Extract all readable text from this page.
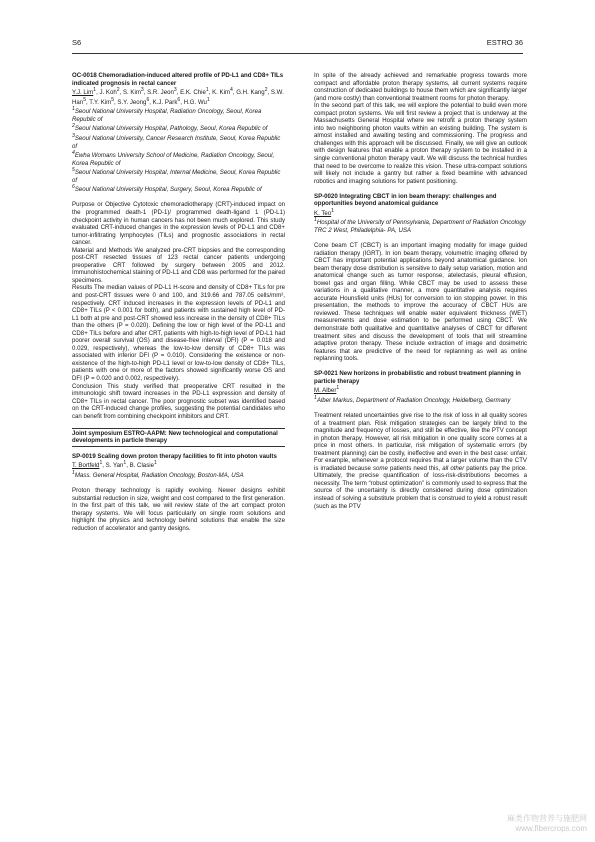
S6	ESTRO 36

OC-0018 Chemoradiation-induced altered profile of PD-L1 and CD8+ TILs indicated prognosis in rectal cancer

Y.J. Lim$^1$, J. Koh$^2$, S. Kim$^3$, S.R. Jeon$^3$, E.K. Chie$^1$, K. Kim$^4$, G.H. Kang$^2$, S.W. Han$^5$, T.Y. Kim$^5$, S.Y. Jeong$^6$, K.J. Park$^6$, H.G. Wu$^1$

$^1$Seoul National University Hospital, Radiation Oncology, Seoul, Korea Republic of

$^2$Seoul National University Hospital, Pathology, Seoul, Korea Republic of

$^3$Seoul National University, Cancer Research Institute, Seoul, Korea Republic of

$^4$Ewha Womans University School of Medicine, Radiation Oncology, Seoul, Korea Republic of

$^5$Seoul National University Hospital, Internal Medicine, Seoul, Korea Republic of

$^6$Seoul National University Hospital, Surgery, Seoul, Korea Republic of

Purpose or Objective Cytotoxic chemoradiotherapy (CRT)-induced impact on the programmed death-1 (PD-1)/ programmed death-ligand 1 (PD-L1) checkpoint activity in human cancers has not been much explored. This study evaluated CRT-induced changes in the expression levels of PD-L1 and CD8+ tumor-infiltrating lymphocytes (TILs) and prognostic associations in rectal cancer.

Material and Methods We analyzed pre-CRT biopsies and the corresponding post-CRT resected tissues of 123 rectal cancer patients undergoing preoperative CRT followed by surgery between 2005 and 2012. Immunohistochemical staining of PD-L1 and CD8 was performed for the paired specimens.

Results The median values of PD-L1 H-score and density of CD8+ TILs for pre and post-CRT tissues were 0 and 100, and 319.66 and 787.05 cells/mm², respectively. CRT induced increases in the expression levels of PD-L1 and CD8+ TILs (P < 0.001 for both), and patients with sustained high level of PD-L1 both at pre and post-CRT showed less increase in the density of CD8+ TILs than the others (P = 0.020). Defining the low or high level of the PD-L1 and CD8+ TILs before and after CRT, patients with high-to-high level of PD-L1 had poorer overall survival (OS) and disease-free interval (DFI) (P = 0.018 and 0.029, respectively), whereas the low-to-low density of CD8+ TILs was associated with inferior DFI (P = 0.010). Considering the existence or non-existence of the high-to-high PD-L1 level or low-to-low density of CD8+ TILs, patients with one or more of the factors showed significantly worse OS and DFI (P = 0.020 and 0.002, respectively).

Conclusion This study verified that preoperative CRT resulted in the immunologic shift toward increases in the PD-L1 expression and density of CD8+ TILs in rectal cancer. The poor prognostic subset was identified based on the CRT-induced change profiles, suggesting the potential candidates who can benefit from combining checkpoint inhibitors and CRT.

Joint symposium ESTRO-AAPM: New technological and computational developments in particle therapy

SP-0019 Scaling down proton therapy facilities to fit into photon vaults

T. Bortfeld$^1$, S. Yan$^1$, B. Clasie$^1$

$^1$Mass. General Hospital, Radiation Oncology, Boston-MA, USA

Proton therapy technology is rapidly evolving. Newer designs exhibit substantial reduction in size, weight and cost compared to the first generation. In the first part of this talk, we will review state of the art compact proton therapy systems. We will focus particularly on single room solutions and highlight the physics and technology behind solutions that enable the size reduction of accelerator and gantry designs.

In spite of the already achieved and remarkable progress towards more compact and affordable proton therapy systems, all current systems require construction of dedicated buildings to house them which are significantly larger (and more costly) than conventional treatment rooms for photon therapy.

In the second part of this talk, we will explore the potential to build even more compact proton systems. We will first review a project that is underway at the Massachusetts General Hospital where we retrofit a proton therapy system into two neighboring photon vaults within an existing building. The system is almost installed and awaiting testing and commissioning. The progress and challenges with this approach will be discussed. Finally, we will give an outlook with design features that enable a proton therapy system to be installed in a single conventional photon therapy vault. We will discuss the technical hurdles that need to be overcome to realize this vision. These ultra-compact solutions will likely not include a gantry but rather a fixed beamline with advanced robotics and imaging solutions for patient positioning.

SP-0020 Integrating CBCT in ion beam therapy: challenges and opportunities beyond anatomical guidance

K. Teo$^1$

$^1$Hospital of the University of Pennsylvania, Department of Radiation Oncology TRC 2 West, Philadelphia- PA, USA

Cone beam CT (CBCT) is an important imaging modality for image guided radiation therapy (IGRT). In ion beam therapy, volumetric imaging offered by CBCT has important potential applications beyond anatomical guidance. Ion beam therapy dose distribution is sensitive to daily setup variation, motion and anatomical change such as tumor response, atelectasis, pleural effusion, bowel gas and organ filling. While CBCT may be used to assess these variations in a qualitative manner, a more quantitative analysis requires accurate Hounsfield units (HUs) for conversion to ion stopping power. In this presentation, the methods to improve the accuracy of CBCT HUs are reviewed. These techniques will enable water equivalent thickness (WET) measurements and dose estimation to be performed using CBCT. We demonstrate both qualitative and quantitative analyses of CBCT for different treatment sites and discuss the development of tools that will streamline adaptive proton therapy. These include extraction of image and dosimetric features that are predictive of the need for replanning as well as online replanning tools.

SP-0021 New horizons in probabilistic and robust treatment planning in particle therapy

M. Alber$^1$

$^1$Alber Markus, Department of Radiation Oncology, Heidelberg, Germany

Treatment related uncertainties give rise to the risk of loss in all quality scores of a treatment plan. Risk mitigation strategies can be largely blind to the magnitude and frequency of losses, and still be effective, like the PTV concept in photon therapy. However, all risk mitigation in one quality score comes at a price in most others. In particular, risk mitigation of systematic errors (by treatment planning) can be costly, ineffective and even in the best case: unfair. For example, whenever a protocol requires that a larger volume than the CTV is irradiated because some patients need this, all other patients pay the price. Ultimately, the precise quantification of loss-risk-distributions becomes a necessity. The term “robust optimization” is commonly used to express that the source of the uncertainty is directly considered during dose optimization instead of solving a substitute problem that is construed to yield a robust result (such as the PTV

麻类作物营养与施肥网
www.fibercrops.com
